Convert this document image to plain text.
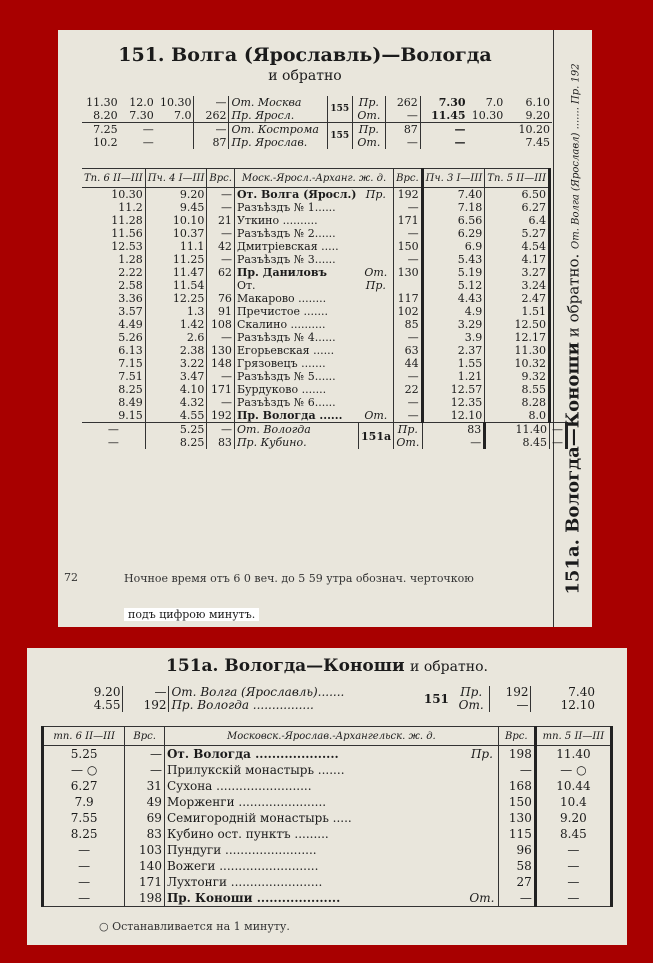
151. Волга (Ярославль)—Вологда
и обратно
151а. Вологда—Коноши и обратно. От. Волга (Ярославл) ....... Пр. 192
11.30	12.0	10.30	—	От. Москва	155	Пр.	262	7.30	7.0	6.10
8.20	7.30	7.0	262	Пр. Яросл.		От.	—	11.45	10.30	9.20
7.25	—		—	От. Кострома	155	Пр.	87	—		10.20
10.2	—		87	Пр. Ярослав.		От.	—	—		7.45
Тп. 6 II—III	Пч. 4 I—III	Врс.	Моск.-Яросл.-Арханг. ж. д.		Врс.	Пч. 3 I—III	Тп. 5 II—III	
10.30	9.20	—	От. Волга (Яросл.)	Пр.	192	7.40	6.50	
11.2	9.45	—	Разъѣздъ № 1......		—	7.18	6.27	
11.28	10.10	21	Уткино ..........		171	6.56	6.4	
11.56	10.37	—	Разъѣздъ № 2......		—	6.29	5.27	
12.53	11.1	42	Дмитріевская .....		150	6.9	4.54	
1.28	11.25	—	Разъѣздъ № 3......		—	5.43	4.17	
2.22	11.47	62	Пр. Даниловъ	От.	130	5.19	3.27	
2.58	11.54		От.	Пр.		5.12	3.24	
3.36	12.25	76	Макарово ........		117	4.43	2.47	
3.57	1.3	91	Пречистое .......		102	4.9	1.51	
4.49	1.42	108	Скалино ..........		85	3.29	12.50	
5.26	2.6	—	Разъѣздъ № 4......		—	3.9	12.17	
6.13	2.38	130	Егорьевская ......		63	2.37	11.30	
7.15	3.22	148	Грязовецъ .......		44	1.55	10.32	
7.51	3.47	—	Разъѣздъ № 5......		—	1.21	9.32	
8.25	4.10	171	Бурдуково .......		22	12.57	8.55	
8.49	4.32	—	Разъѣздъ № 6......		—	12.35	8.28	
9.15	4.55	192	Пр. Вологда ......	От.	—	12.10	8.0	
—	5.25	—	От. Вологда	151а	Пр.	83	11.40	—
—	8.25	83	Пр. Кубино.		От.	—	8.45	—
72	Ночное время отъ 6 0 веч. до 5 59 утра обознач. черточкою
подъ цифрою минутъ.
151а. Вологда—Коноши и обратно.
9.20	—	От. Волга (Ярославль).......	151	Пр.	192	7.40
4.55	192	Пр. Вологда ................		От.	—	12.10
тп. 6 II—III	Врс.	Московск.-Ярослав.-Архангельск. ж. д.		Врс.	тп. 5 II—III
5.25	—	От. Вологда ....................	Пр.	198	11.40
— ○	—	Прилукскій монастырь .......		—	— ○
6.27	31	Сухона .........................		168	10.44
7.9	49	Морженги .......................		150	10.4
7.55	69	Семигородній монастырь .....		130	9.20
8.25	83	Кубино ост. пунктъ .........		115	8.45
—	103	Пундуги ........................		96	—
—	140	Вожеги ..........................		58	—
—	171	Лухтонги ........................		27	—
—	198	Пр. Коноши ....................	От.	—	—
○ Останавливается на 1 минуту.
